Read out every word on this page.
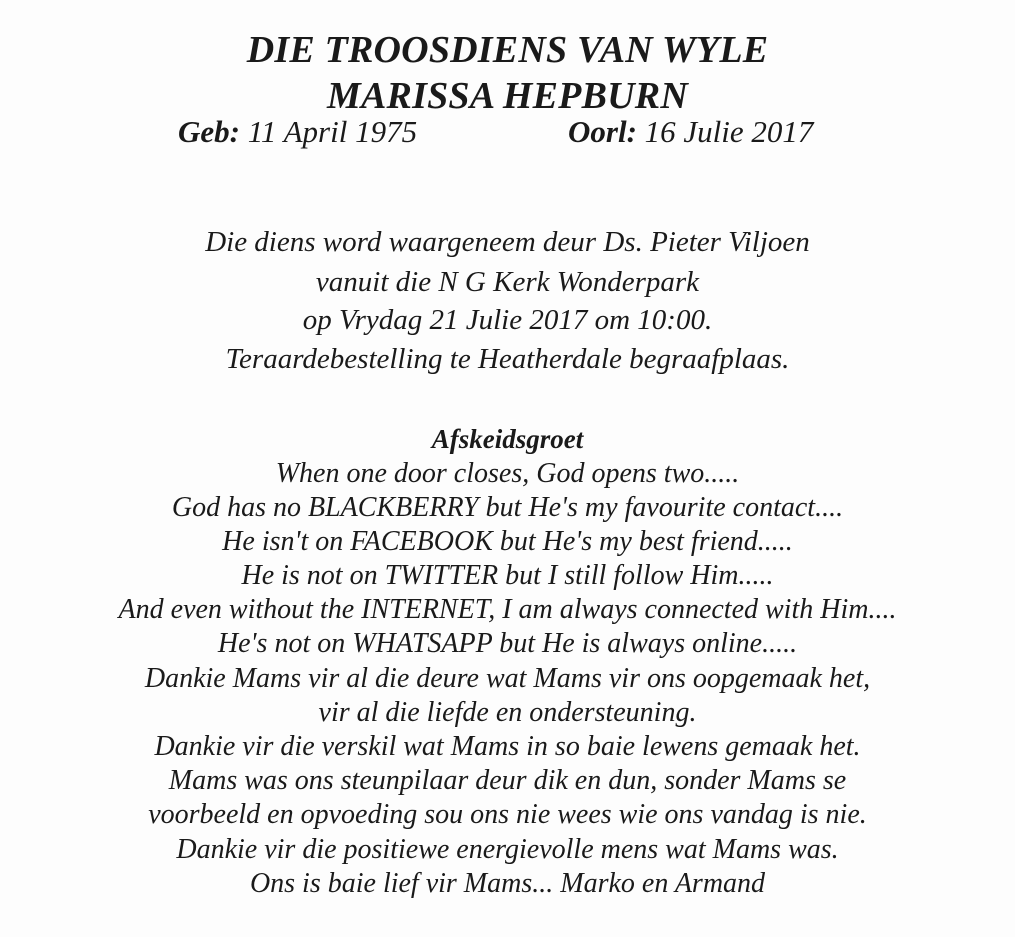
DIE TROOSDIENS VAN WYLE
MARISSA HEPBURN
Geb: 11 April 1975	Oorl: 16 Julie 2017
Die diens word waargeneem deur Ds. Pieter Viljoen
vanuit die N G Kerk Wonderpark
op Vrydag 21 Julie 2017 om 10:00.
Teraardebestelling te Heatherdale begraafplaas.
Afskeidsgroet
When one door closes, God opens two.....
God has no BLACKBERRY but He's my favourite contact....
He isn't on FACEBOOK but He's my best friend.....
He is not on TWITTER but I still follow Him.....
And even without the INTERNET, I am always connected with Him....
He's not on WHATSAPP but He is always online.....
Dankie Mams vir al die deure wat Mams vir ons oopgemaak het,
vir al die liefde en ondersteuning.
Dankie vir die verskil wat Mams in so baie lewens gemaak het.
Mams was ons steunpilaar deur dik en dun, sonder Mams se
voorbeeld en opvoeding sou ons nie wees wie ons vandag is nie.
Dankie vir die positiewe energievolle mens wat Mams was.
Ons is baie lief vir Mams... Marko en Armand
